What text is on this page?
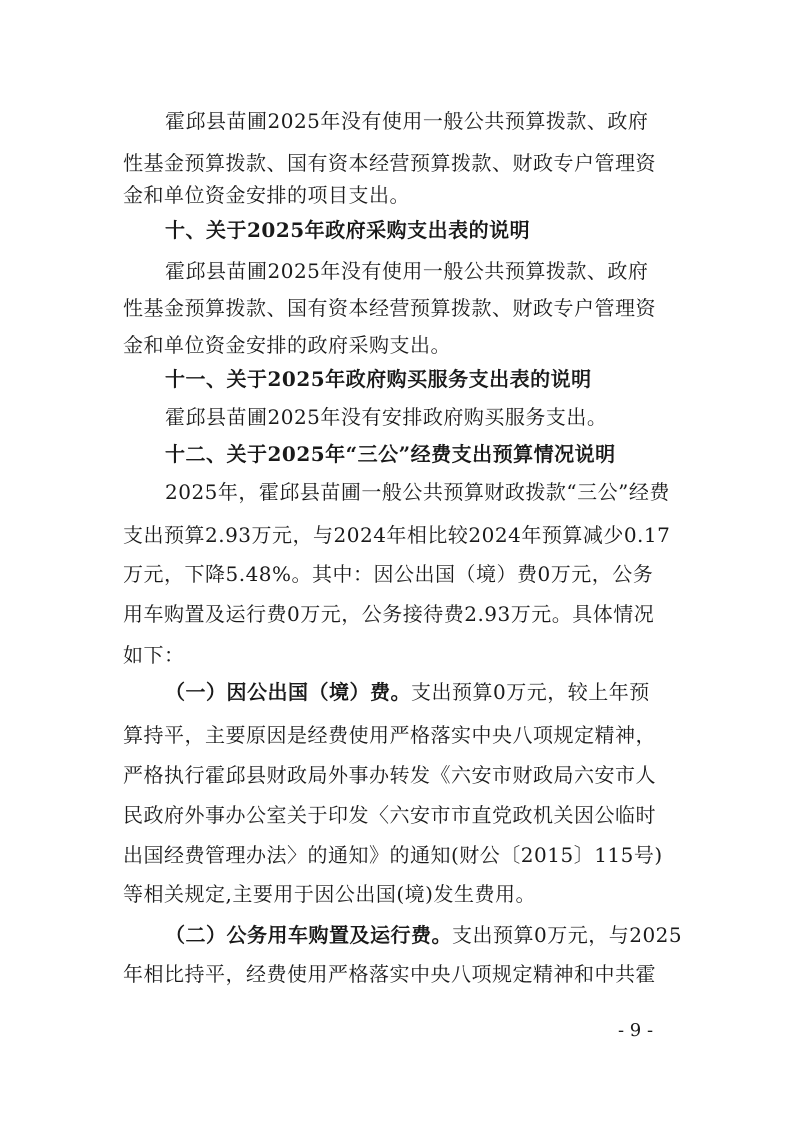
霍邱县苗圃2025年没有使用一般公共预算拨款、政府
性基金预算拨款、国有资本经营预算拨款、财政专户管理资
金和单位资金安排的项目支出。
十、关于2025年政府采购支出表的说明
霍邱县苗圃2025年没有使用一般公共预算拨款、政府
性基金预算拨款、国有资本经营预算拨款、财政专户管理资
金和单位资金安排的政府采购支出。
十一、关于2025年政府购买服务支出表的说明
霍邱县苗圃2025年没有安排政府购买服务支出。
十二、关于2025年“三公”经费支出预算情况说明
2025年，霍邱县苗圃一般公共预算财政拨款“三公”经费
支出预算2.93万元，与2024年相比较2024年预算减少0.17
万元，下降5.48%。其中：因公出国（境）费0万元，公务
用车购置及运行费0万元，公务接待费2.93万元。具体情况
如下：
（一）因公出国（境）费。支出预算0万元，较上年预
算持平，主要原因是经费使用严格落实中央八项规定精神，
严格执行霍邱县财政局外事办转发《六安市财政局六安市人
民政府外事办公室关于印发〈六安市市直党政机关因公临时
出国经费管理办法〉的通知》的通知(财公〔2015〕115号)
等相关规定,主要用于因公出国(境)发生费用。
（二）公务用车购置及运行费。支出预算0万元，与2025
年相比持平，经费使用严格落实中央八项规定精神和中共霍
- 9 -
